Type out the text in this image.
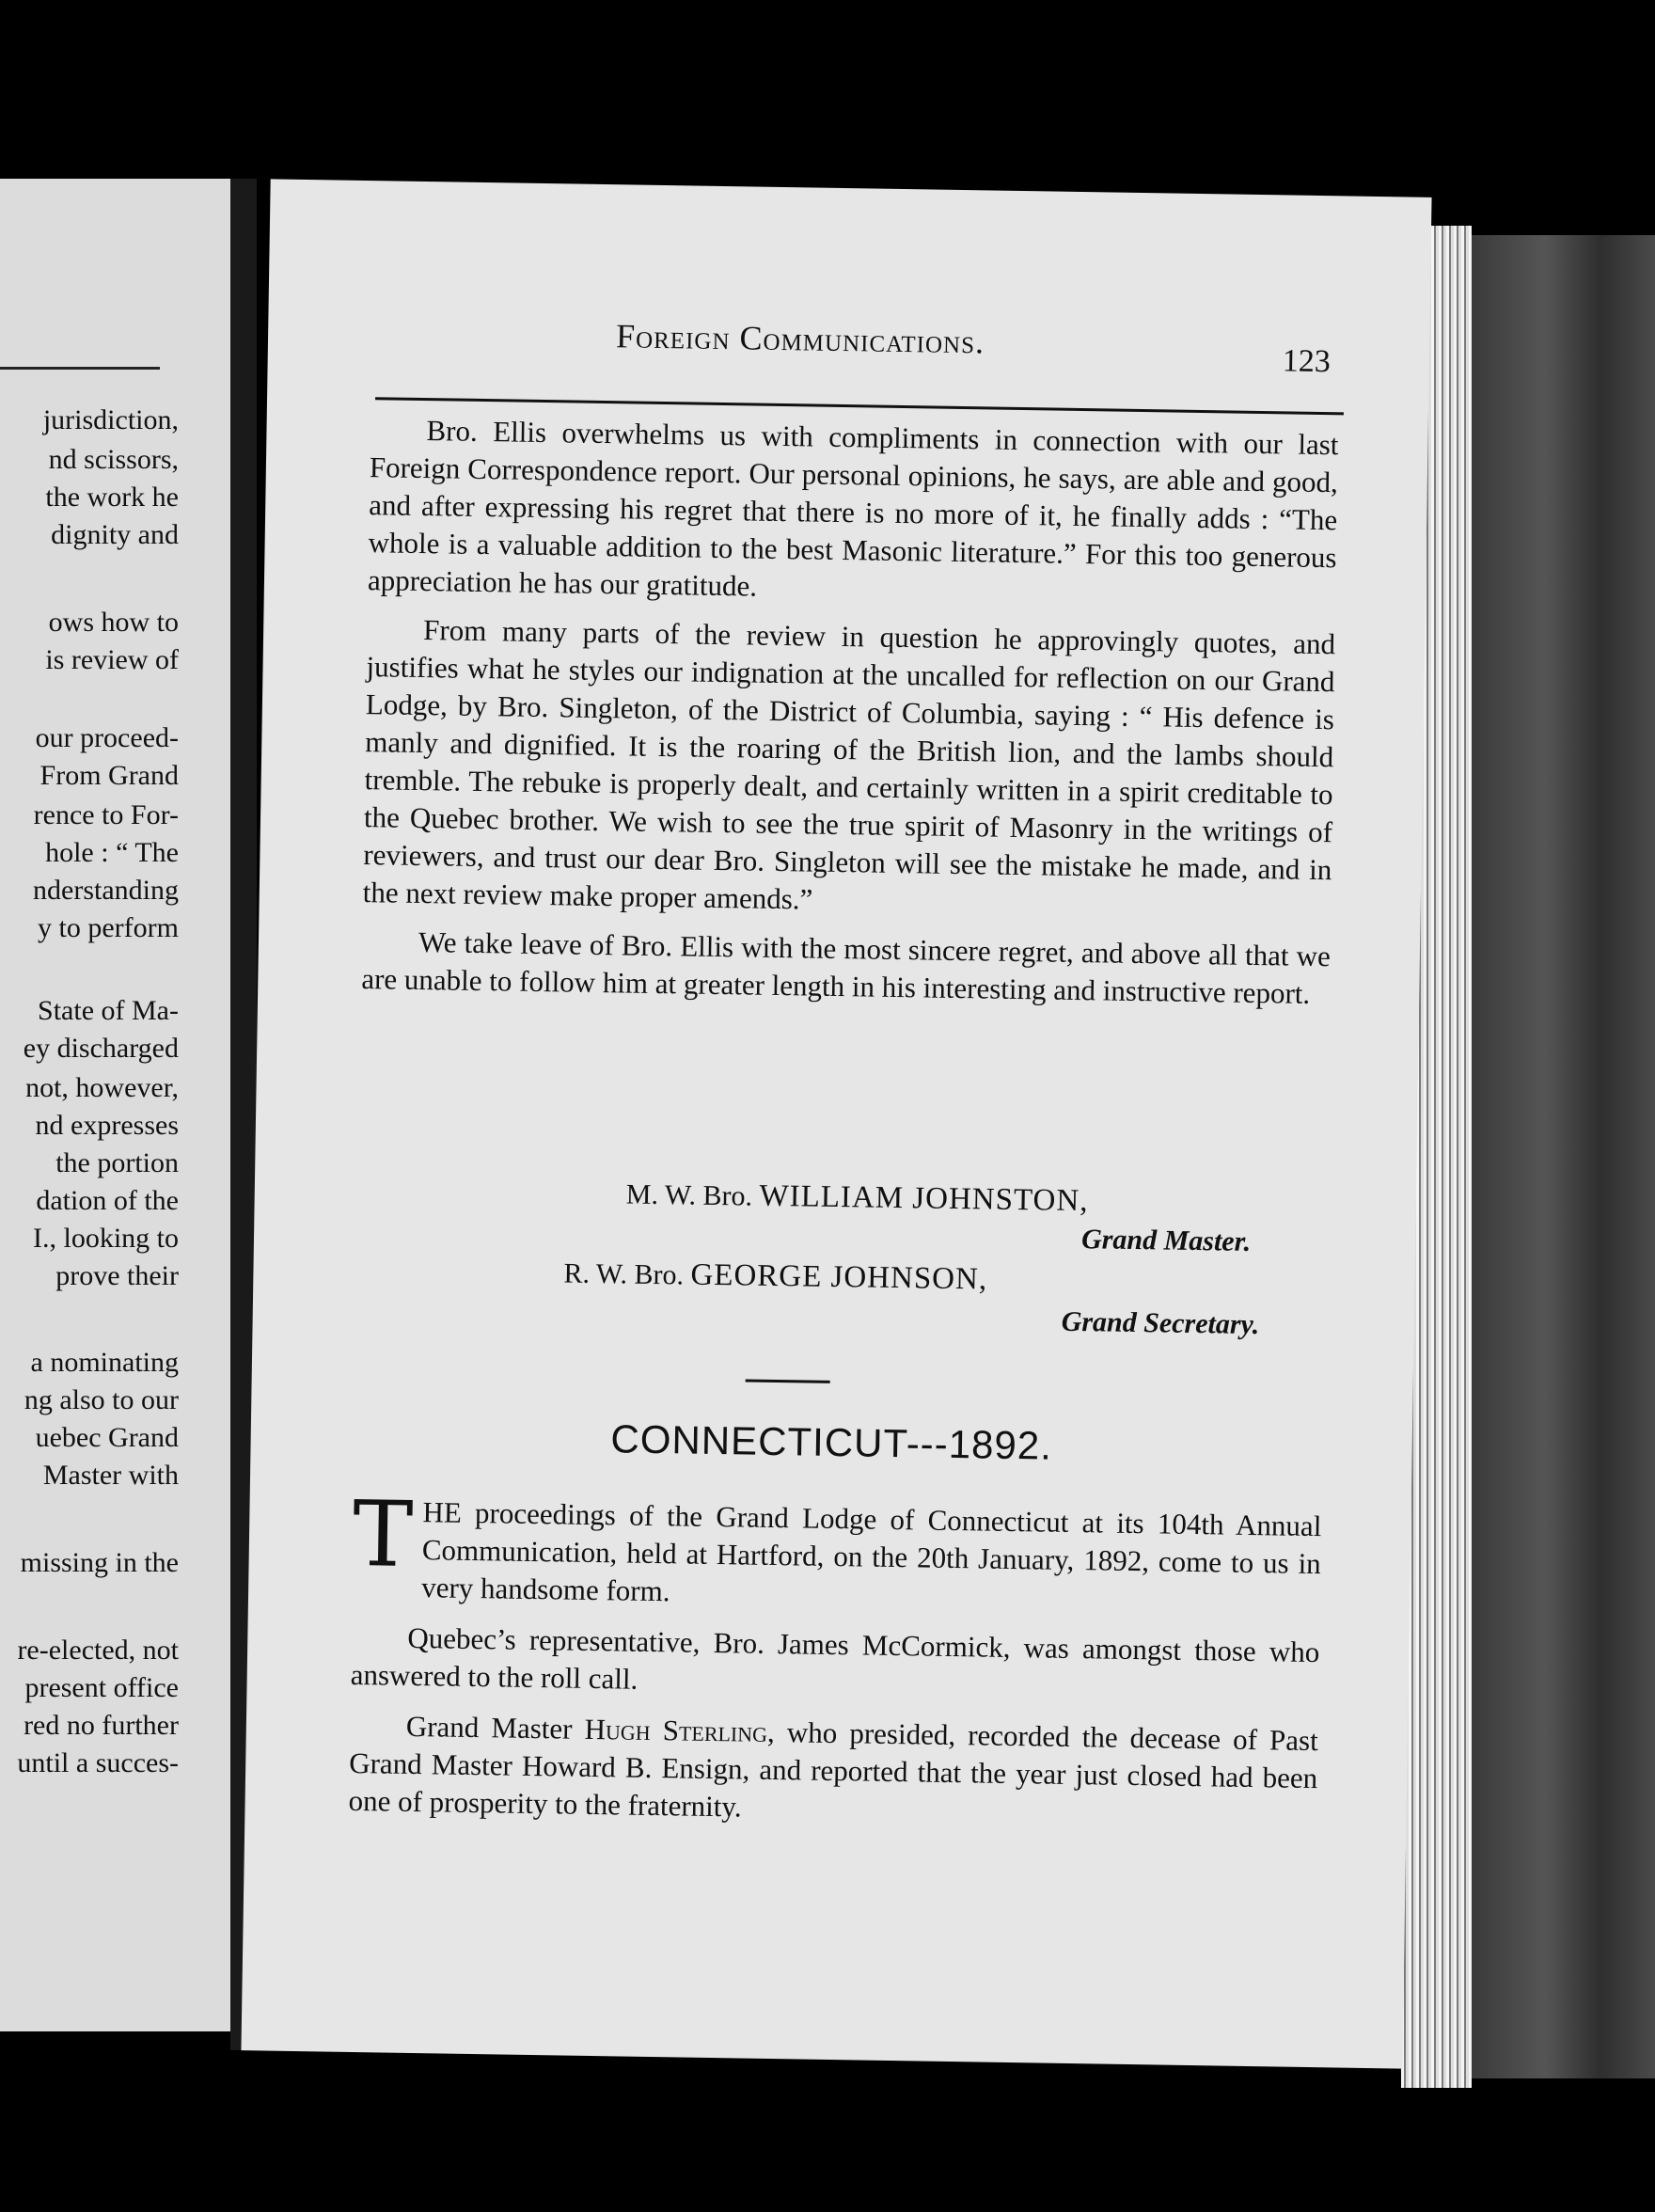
jurisdiction,
nd scissors,
the work he
dignity and
ows how to
is review of
our proceed-
From Grand
rence to For-
hole : “ The
nderstanding
y to perform
State of Ma-
ey discharged
not, however,
nd expresses
the portion
dation of the
I., looking to
prove their
a nominating
ng also to our
uebec Grand
Master with
missing in the
re-elected, not
present office
red no further
until a succes-
Foreign Communications.
123

Bro. Ellis overwhelms us with compliments in connection with our last Foreign Correspondence report. Our personal opinions, he says, are able and good, and after expressing his regret that there is no more of it, he finally adds : “The whole is a valuable addition to the best Masonic literature.” For this too generous appreciation he has our gratitude.

From many parts of the review in question he approvingly quotes, and justifies what he styles our indignation at the uncalled for reflection on our Grand Lodge, by Bro. Singleton, of the District of Columbia, saying : “ His defence is manly and dignified. It is the roaring of the British lion, and the lambs should tremble. The rebuke is properly dealt, and certainly written in a spirit creditable to the Quebec brother. We wish to see the true spirit of Masonry in the writings of reviewers, and trust our dear Bro. Singleton will see the mistake he made, and in the next review make proper amends.”

We take leave of Bro. Ellis with the most sincere regret, and above all that we are unable to follow him at greater length in his interesting and instructive report.

M. W. Bro. WILLIAM JOHNSTON,
Grand Master.
R. W. Bro. GEORGE JOHNSON,
Grand Secretary.
CONNECTICUT---1892.

THE proceedings of the Grand Lodge of Connecticut at its 104th Annual Communication, held at Hartford, on the 20th January, 1892, come to us in very handsome form.

Quebec’s representative, Bro. James McCormick, was amongst those who answered to the roll call.

Grand Master Hugh Sterling, who presided, recorded the decease of Past Grand Master Howard B. Ensign, and reported that the year just closed had been one of prosperity to the fraternity.
